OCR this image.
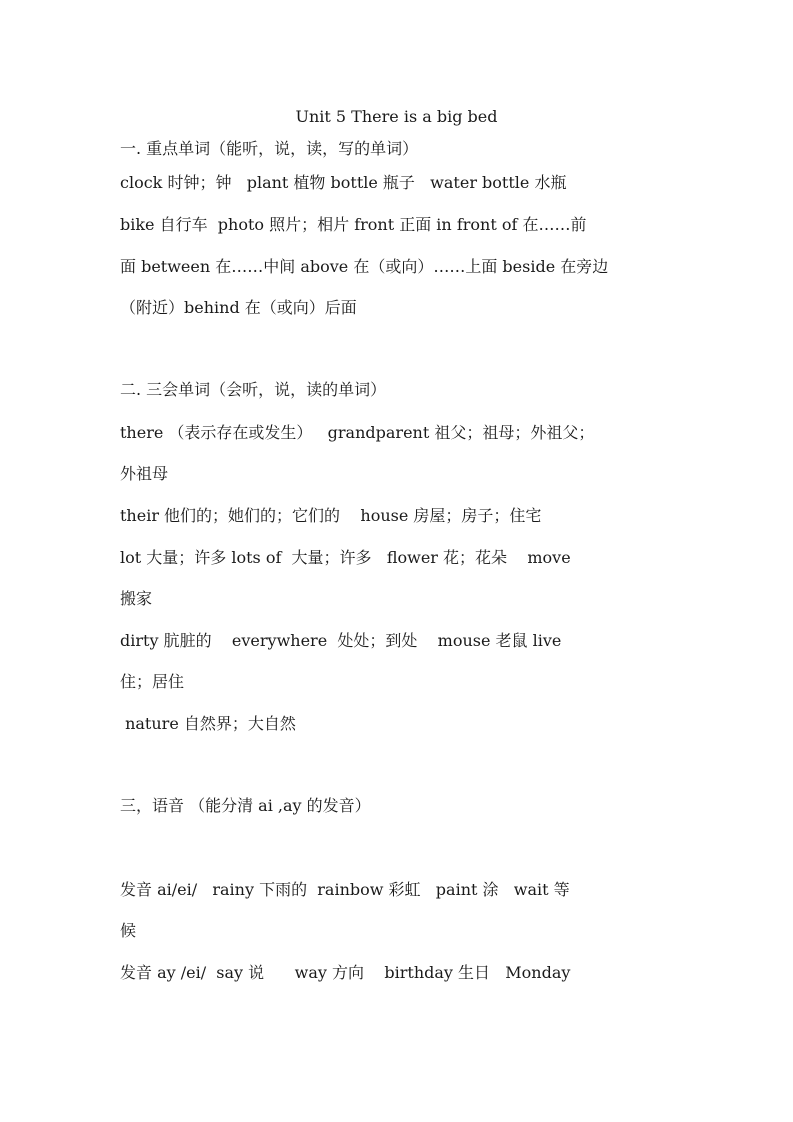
Unit 5 There is a big bed
一. 重点单词（能听，说，读，写的单词）
clock 时钟；钟   plant 植物 bottle 瓶子   water bottle 水瓶
bike 自行车  photo 照片；相片 front 正面 in front of 在……前
面 between 在……中间 above 在（或向）……上面 beside 在旁边
（附近）behind 在（或向）后面
二. 三会单词（会听，说，读的单词）
there （表示存在或发生）   grandparent 祖父；祖母；外祖父；
外祖母
their 他们的；她们的；它们的    house 房屋；房子；住宅
lot 大量；许多 lots of  大量；许多   flower 花；花朵    move
搬家
dirty 肮脏的    everywhere  处处；到处    mouse 老鼠 live
住；居住
nature 自然界；大自然
三，语音 （能分清 ai ,ay 的发音）
发音 ai/ei/   rainy 下雨的  rainbow 彩虹   paint 涂   wait 等
候
发音 ay /ei/  say 说      way 方向    birthday 生日   Monday
